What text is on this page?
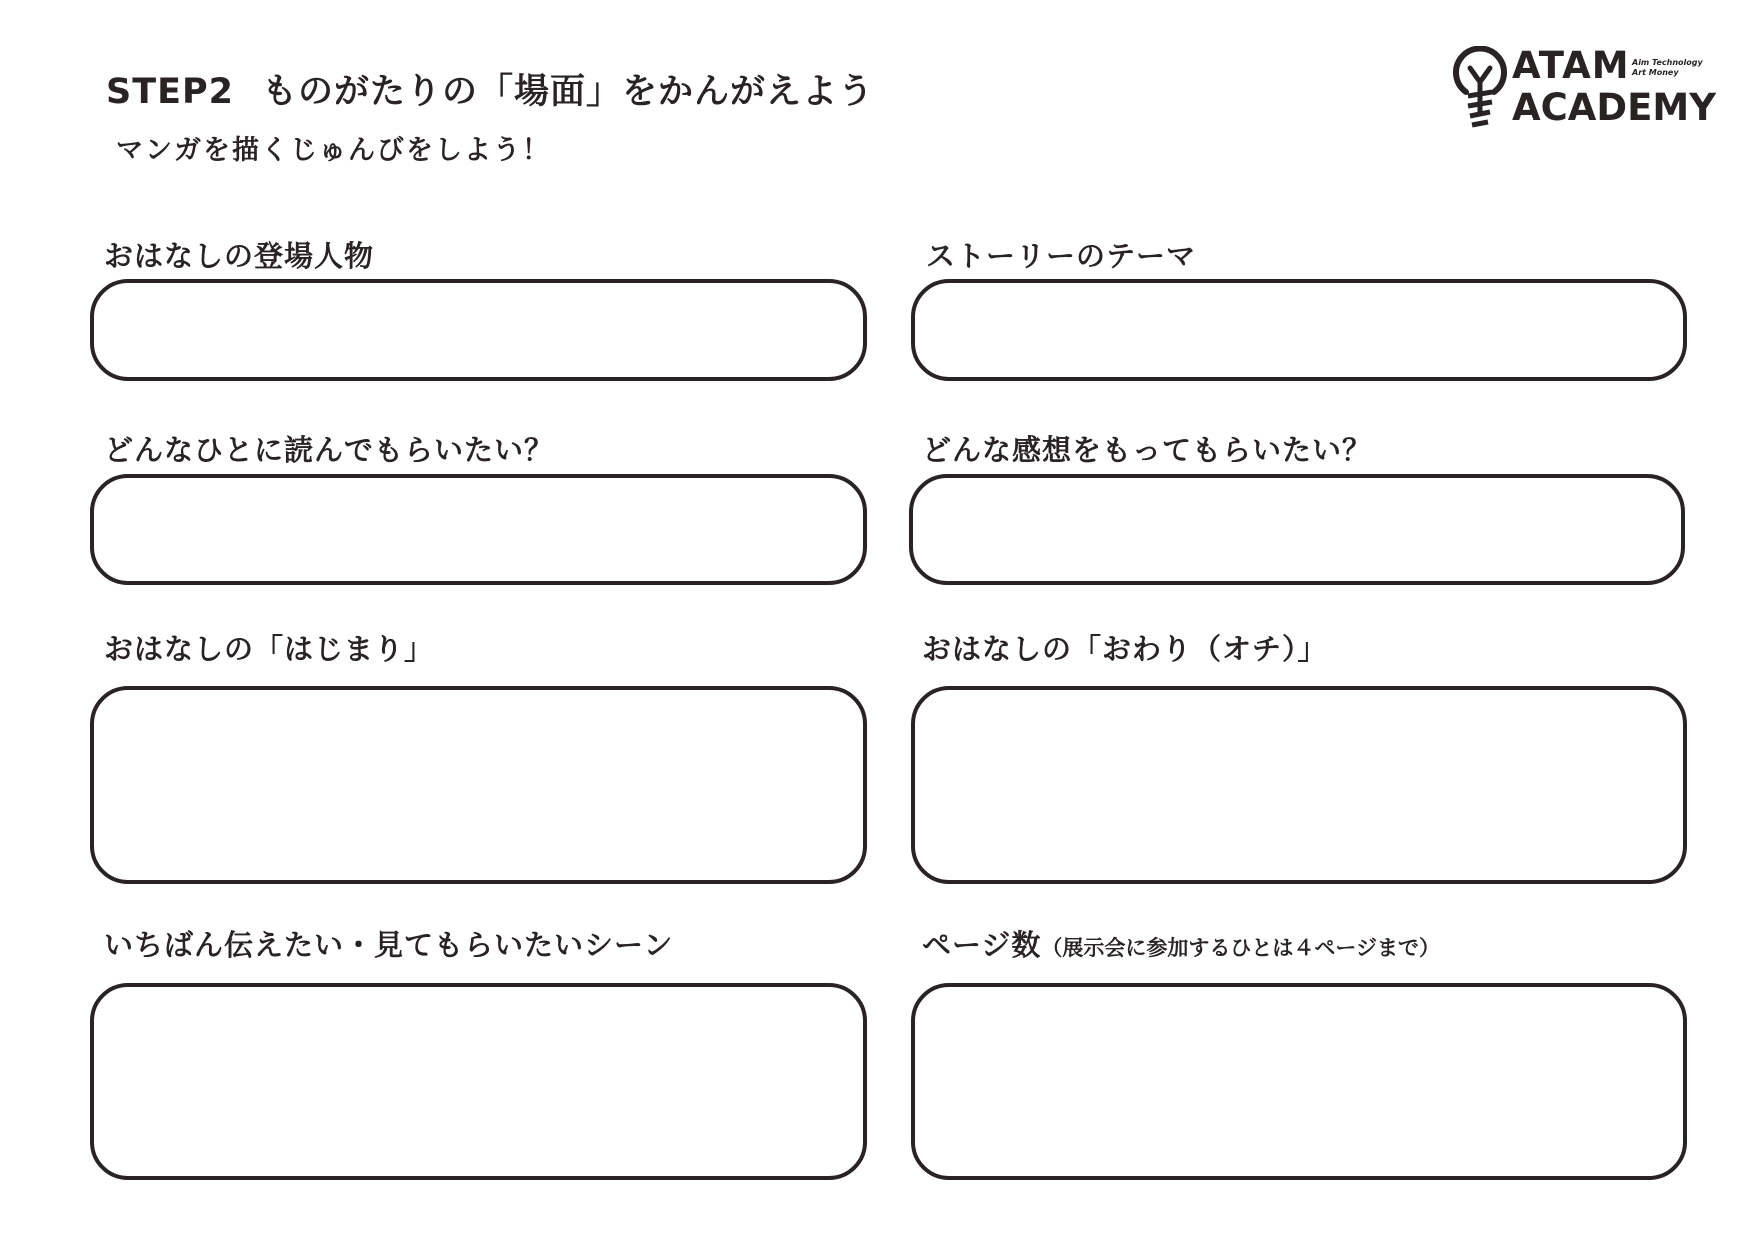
STEP2 ものがたりの「場面」をかんがえよう
マンガを描くじゅんびをしよう！
ATAM Aim Technology
Art Money
ACADEMY
おはなしの登場人物	ストーリーのテーマ
どんなひとに読んでもらいたい？	どんな感想をもってもらいたい？
おはなしの「はじまり」	おはなしの「おわり（オチ）」
いちばん伝えたい・見てもらいたいシーン	ページ数（展示会に参加するひとは４ページまで）
